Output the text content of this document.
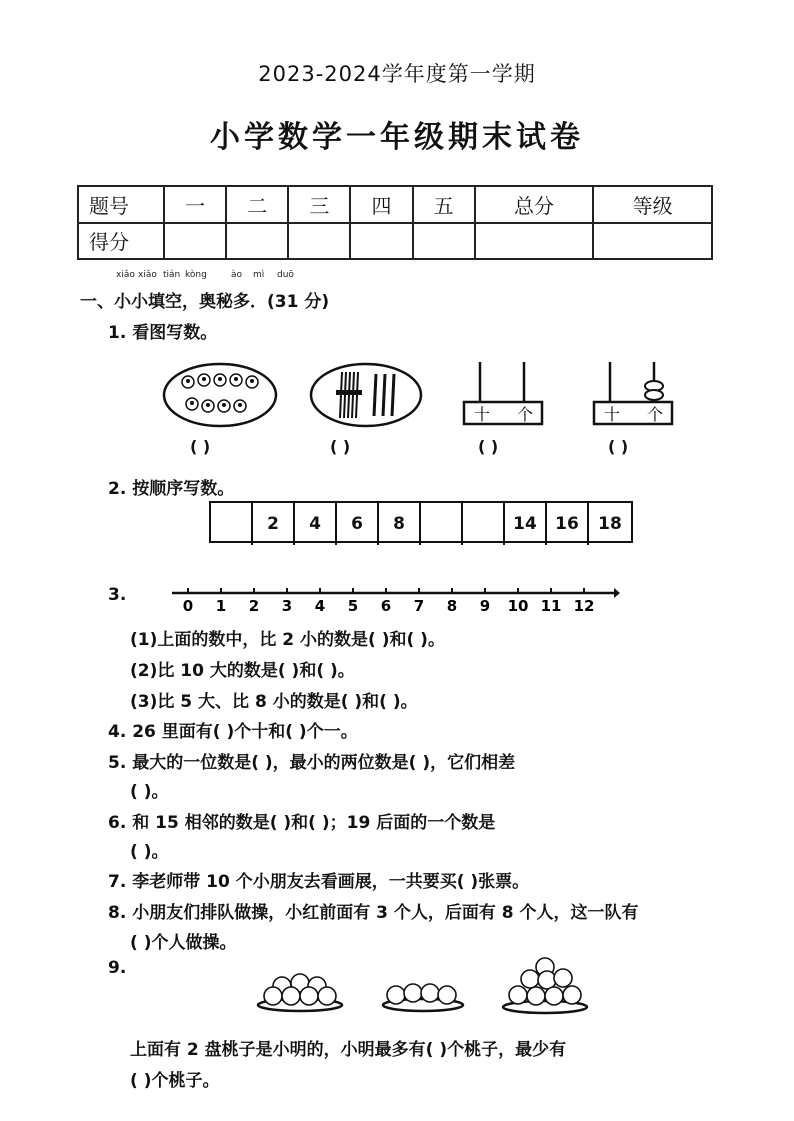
2023-2024学年度第一学期
小学数学一年级期末试卷
题号	一	二	三	四	五	总分	等级
得分							
xiǎo xiǎo tián kòng	ào mì duō
一、小小填空，奥秘多．(31 分)
1. 看图写数。
十 个	十 个
( )	( )	( )	( )
2. 按顺序写数。
2	4	6	8	14	16	18
3.
0 1 2 3 4 5 6 7 8 9 10 11 12
(1)上面的数中，比 2 小的数是( )和( )。
(2)比 10 大的数是( )和( )。
(3)比 5 大、比 8 小的数是( )和( )。
4. 26 里面有( )个十和( )个一。
5. 最大的一位数是( )，最小的两位数是( )，它们相差
( )。
6. 和 15 相邻的数是( )和( )；19 后面的一个数是
( )。
7. 李老师带 10 个小朋友去看画展，一共要买( )张票。
8. 小朋友们排队做操，小红前面有 3 个人，后面有 8 个人，这一队有
( )个人做操。
9.
上面有 2 盘桃子是小明的，小明最多有( )个桃子，最少有
( )个桃子。
